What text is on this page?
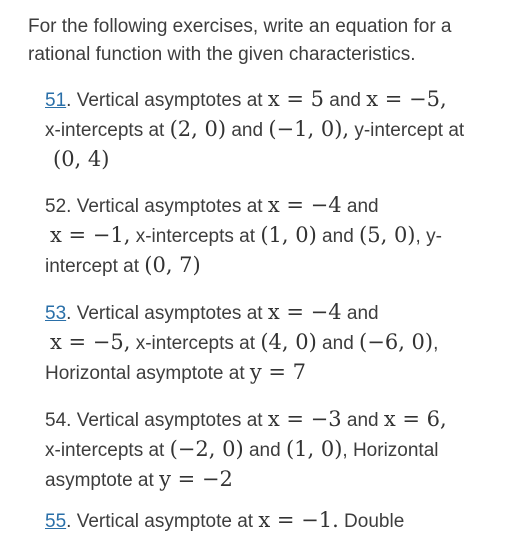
For the following exercises, write an equation for a rational function with the given characteristics.
51. Vertical asymptotes at x = 5 and x = −5,
x-intercepts at (2, 0) and (−1, 0), y-intercept at
(0, 4)
52. Vertical asymptotes at x = −4 and
x = −1, x-intercepts at (1, 0) and (5, 0), y-
intercept at (0, 7)
53. Vertical asymptotes at x = −4 and
x = −5, x-intercepts at (4, 0) and (−6, 0),
Horizontal asymptote at y = 7
54. Vertical asymptotes at x = −3 and x = 6,
x-intercepts at (−2, 0) and (1, 0), Horizontal
asymptote at y = −2
55. Vertical asymptote at x = −1. Double
